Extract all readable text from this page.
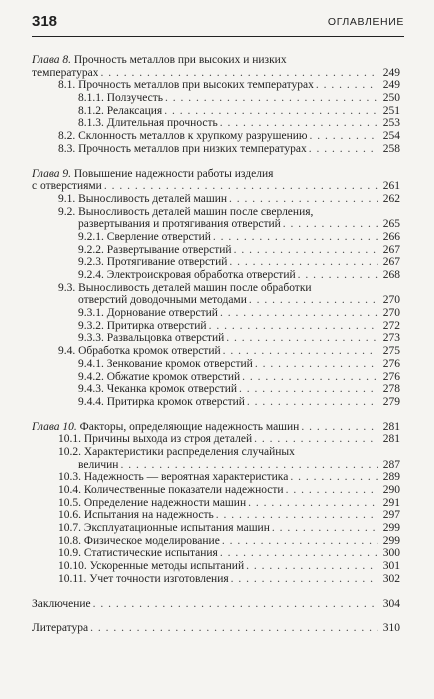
318	ОГЛАВЛЕНИЕ
Глава 8. Прочность металлов при высоких и низких
температурах . . .	249
8.1. Прочность металлов при высоких температурах . . .	249
8.1.1. Ползучесть . . .	250
8.1.2. Релаксация . . .	251
8.1.3. Длительная прочность . . .	253
8.2. Склонность металлов к хрупкому разрушению . . .	254
8.3. Прочность металлов при низких температурах . . .	258
Глава 9. Повышение надежности работы изделия
с отверстиями . . .	261
9.1. Выносливость деталей машин . . .	262
9.2. Выносливость деталей машин после сверления,
развертывания и протягивания отверстий . . .	265
9.2.1. Сверление отверстий . . .	266
9.2.2. Развертывание отверстий . . .	267
9.2.3. Протягивание отверстий . . .	267
9.2.4. Электроискровая обработка отверстий . . .	268
9.3. Выносливость деталей машин после обработки
отверстий доводочными методами . . .	270
9.3.1. Дорнование отверстий . . .	270
9.3.2. Притирка отверстий . . .	272
9.3.3. Развальцовка отверстий . . .	273
9.4. Обработка кромок отверстий . . .	275
9.4.1. Зенкование кромок отверстий . . .	276
9.4.2. Обжатие кромок отверстий . . .	276
9.4.3. Чеканка кромок отверстий . . .	278
9.4.4. Притирка кромок отверстий . . .	279
Глава 10. Факторы, определяющие надежность машин . . .	281
10.1. Причины выхода из строя деталей . . .	281
10.2. Характеристики распределения случайных
величин . . .	287
10.3. Надежность — вероятная характеристика . . .	289
10.4. Количественные показатели надежности . . .	290
10.5. Определение надежности машин . . .	291
10.6. Испытания на надежность . . .	297
10.7. Эксплуатационные испытания машин . . .	299
10.8. Физическое моделирование . . .	299
10.9. Статистические испытания . . .	300
10.10. Ускоренные методы испытаний . . .	301
10.11. Учет точности изготовления . . .	302
Заключение . . .	304
Литература . . .	310
